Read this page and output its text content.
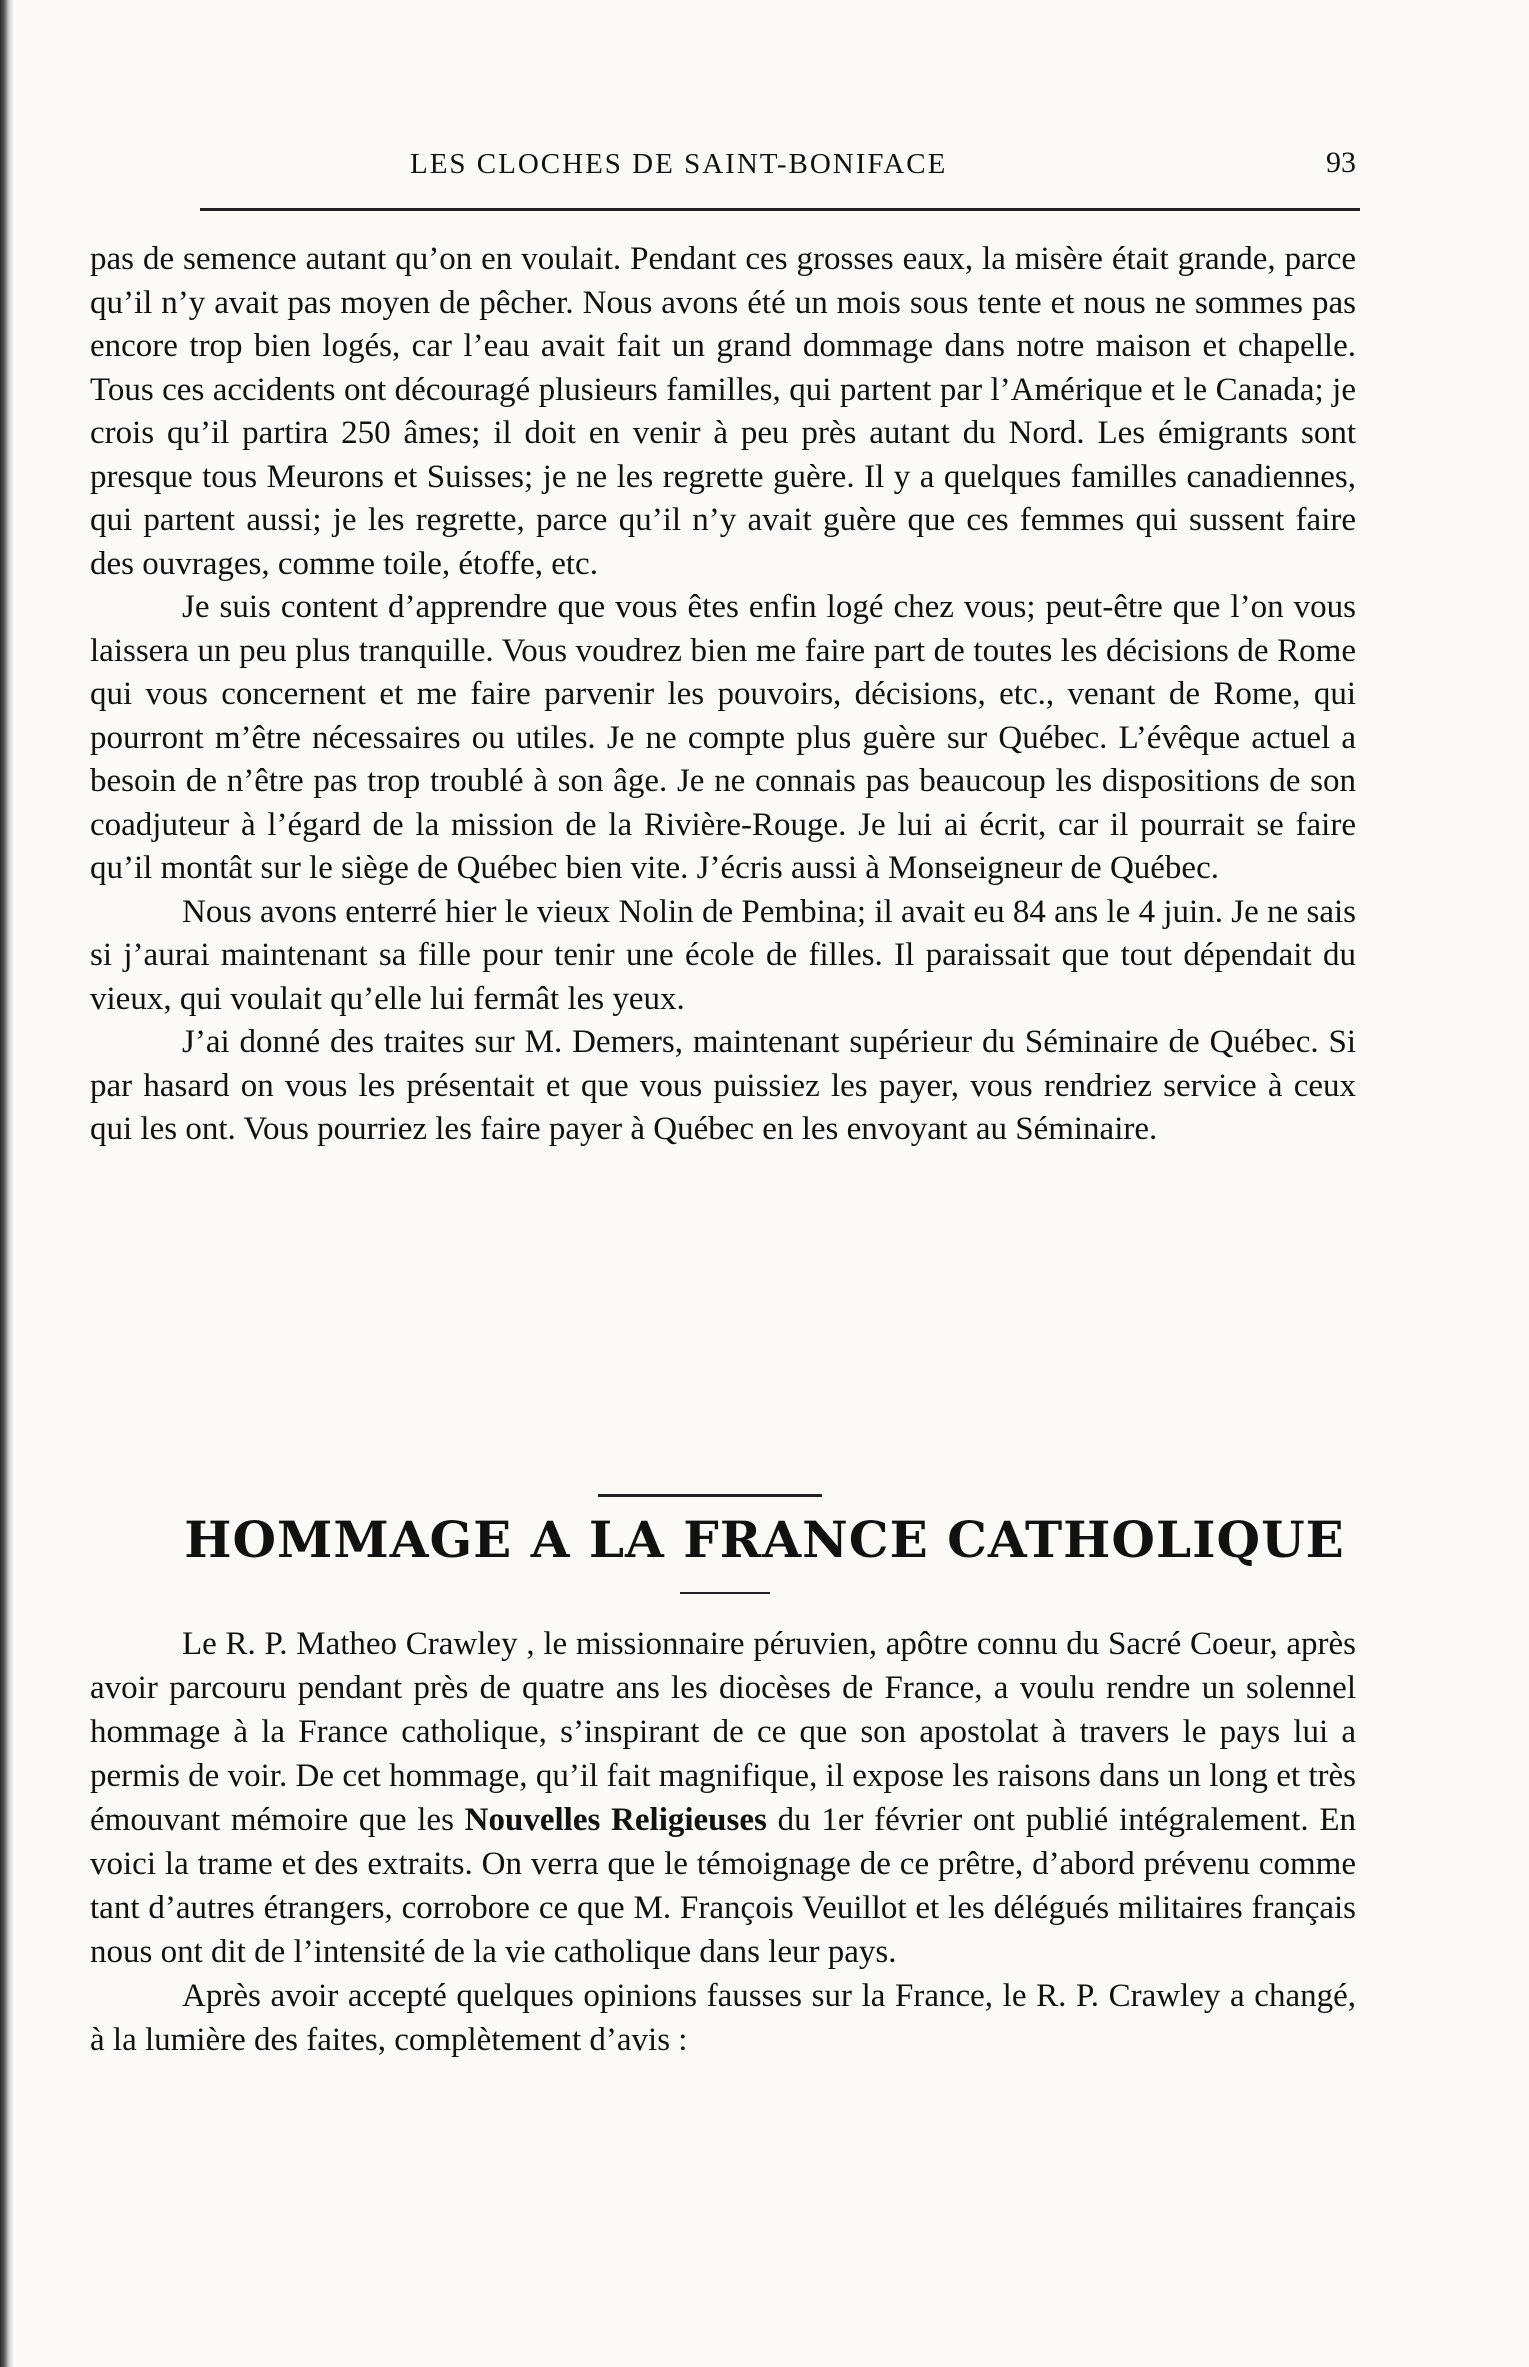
LES CLOCHES DE SAINT-BONIFACE	93

pas de semence autant qu’on en voulait. Pendant ces grosses eaux, la misère était grande, parce qu’il n’y avait pas moyen de pêcher. Nous avons été un mois sous tente et nous ne sommes pas encore trop bien logés, car l’eau avait fait un grand dommage dans notre maison et chapelle. Tous ces accidents ont découragé plusieurs familles, qui partent par l’Amérique et le Canada; je crois qu’il partira 250 âmes; il doit en venir à peu près autant du Nord. Les émigrants sont presque tous Meurons et Suisses; je ne les regrette guère. Il y a quelques familles canadiennes, qui partent aussi; je les regrette, parce qu’il n’y avait guère que ces femmes qui sussent faire des ouvrages, comme toile, étoffe, etc.

Je suis content d’apprendre que vous êtes enfin logé chez vous; peut-être que l’on vous laissera un peu plus tranquille. Vous voudrez bien me faire part de toutes les décisions de Rome qui vous concernent et me faire parvenir les pouvoirs, décisions, etc., venant de Rome, qui pourront m’être nécessaires ou utiles. Je ne compte plus guère sur Québec. L’évêque actuel a besoin de n’être pas trop troublé à son âge. Je ne connais pas beaucoup les dispositions de son coadjuteur à l’égard de la mission de la Rivière-Rouge. Je lui ai écrit, car il pourrait se faire qu’il montât sur le siège de Québec bien vite. J’écris aussi à Monseigneur de Québec.

Nous avons enterré hier le vieux Nolin de Pembina; il avait eu 84 ans le 4 juin. Je ne sais si j’aurai maintenant sa fille pour tenir une école de filles. Il paraissait que tout dépendait du vieux, qui voulait qu’elle lui fermât les yeux.

J’ai donné des traites sur M. Demers, maintenant supérieur du Séminaire de Québec. Si par hasard on vous les présentait et que vous puissiez les payer, vous rendriez service à ceux qui les ont. Vous pourriez les faire payer à Québec en les envoyant au Séminaire.

HOMMAGE A LA FRANCE CATHOLIQUE

Le R. P. Matheo Crawley , le missionnaire péruvien, apôtre connu du Sacré Coeur, après avoir parcouru pendant près de quatre ans les diocèses de France, a voulu rendre un solennel hommage à la France catholique, s’inspirant de ce que son apostolat à travers le pays lui a permis de voir. De cet hommage, qu’il fait magnifique, il expose les raisons dans un long et très émouvant mémoire que les Nouvelles Religieuses du 1er février ont publié intégralement. En voici la trame et des extraits. On verra que le témoignage de ce prêtre, d’abord prévenu comme tant d’autres étrangers, corrobore ce que M. François Veuillot et les délégués militaires français nous ont dit de l’intensité de la vie catholique dans leur pays.

Après avoir accepté quelques opinions fausses sur la France, le R. P. Crawley a changé, à la lumière des faites, complètement d’avis :
